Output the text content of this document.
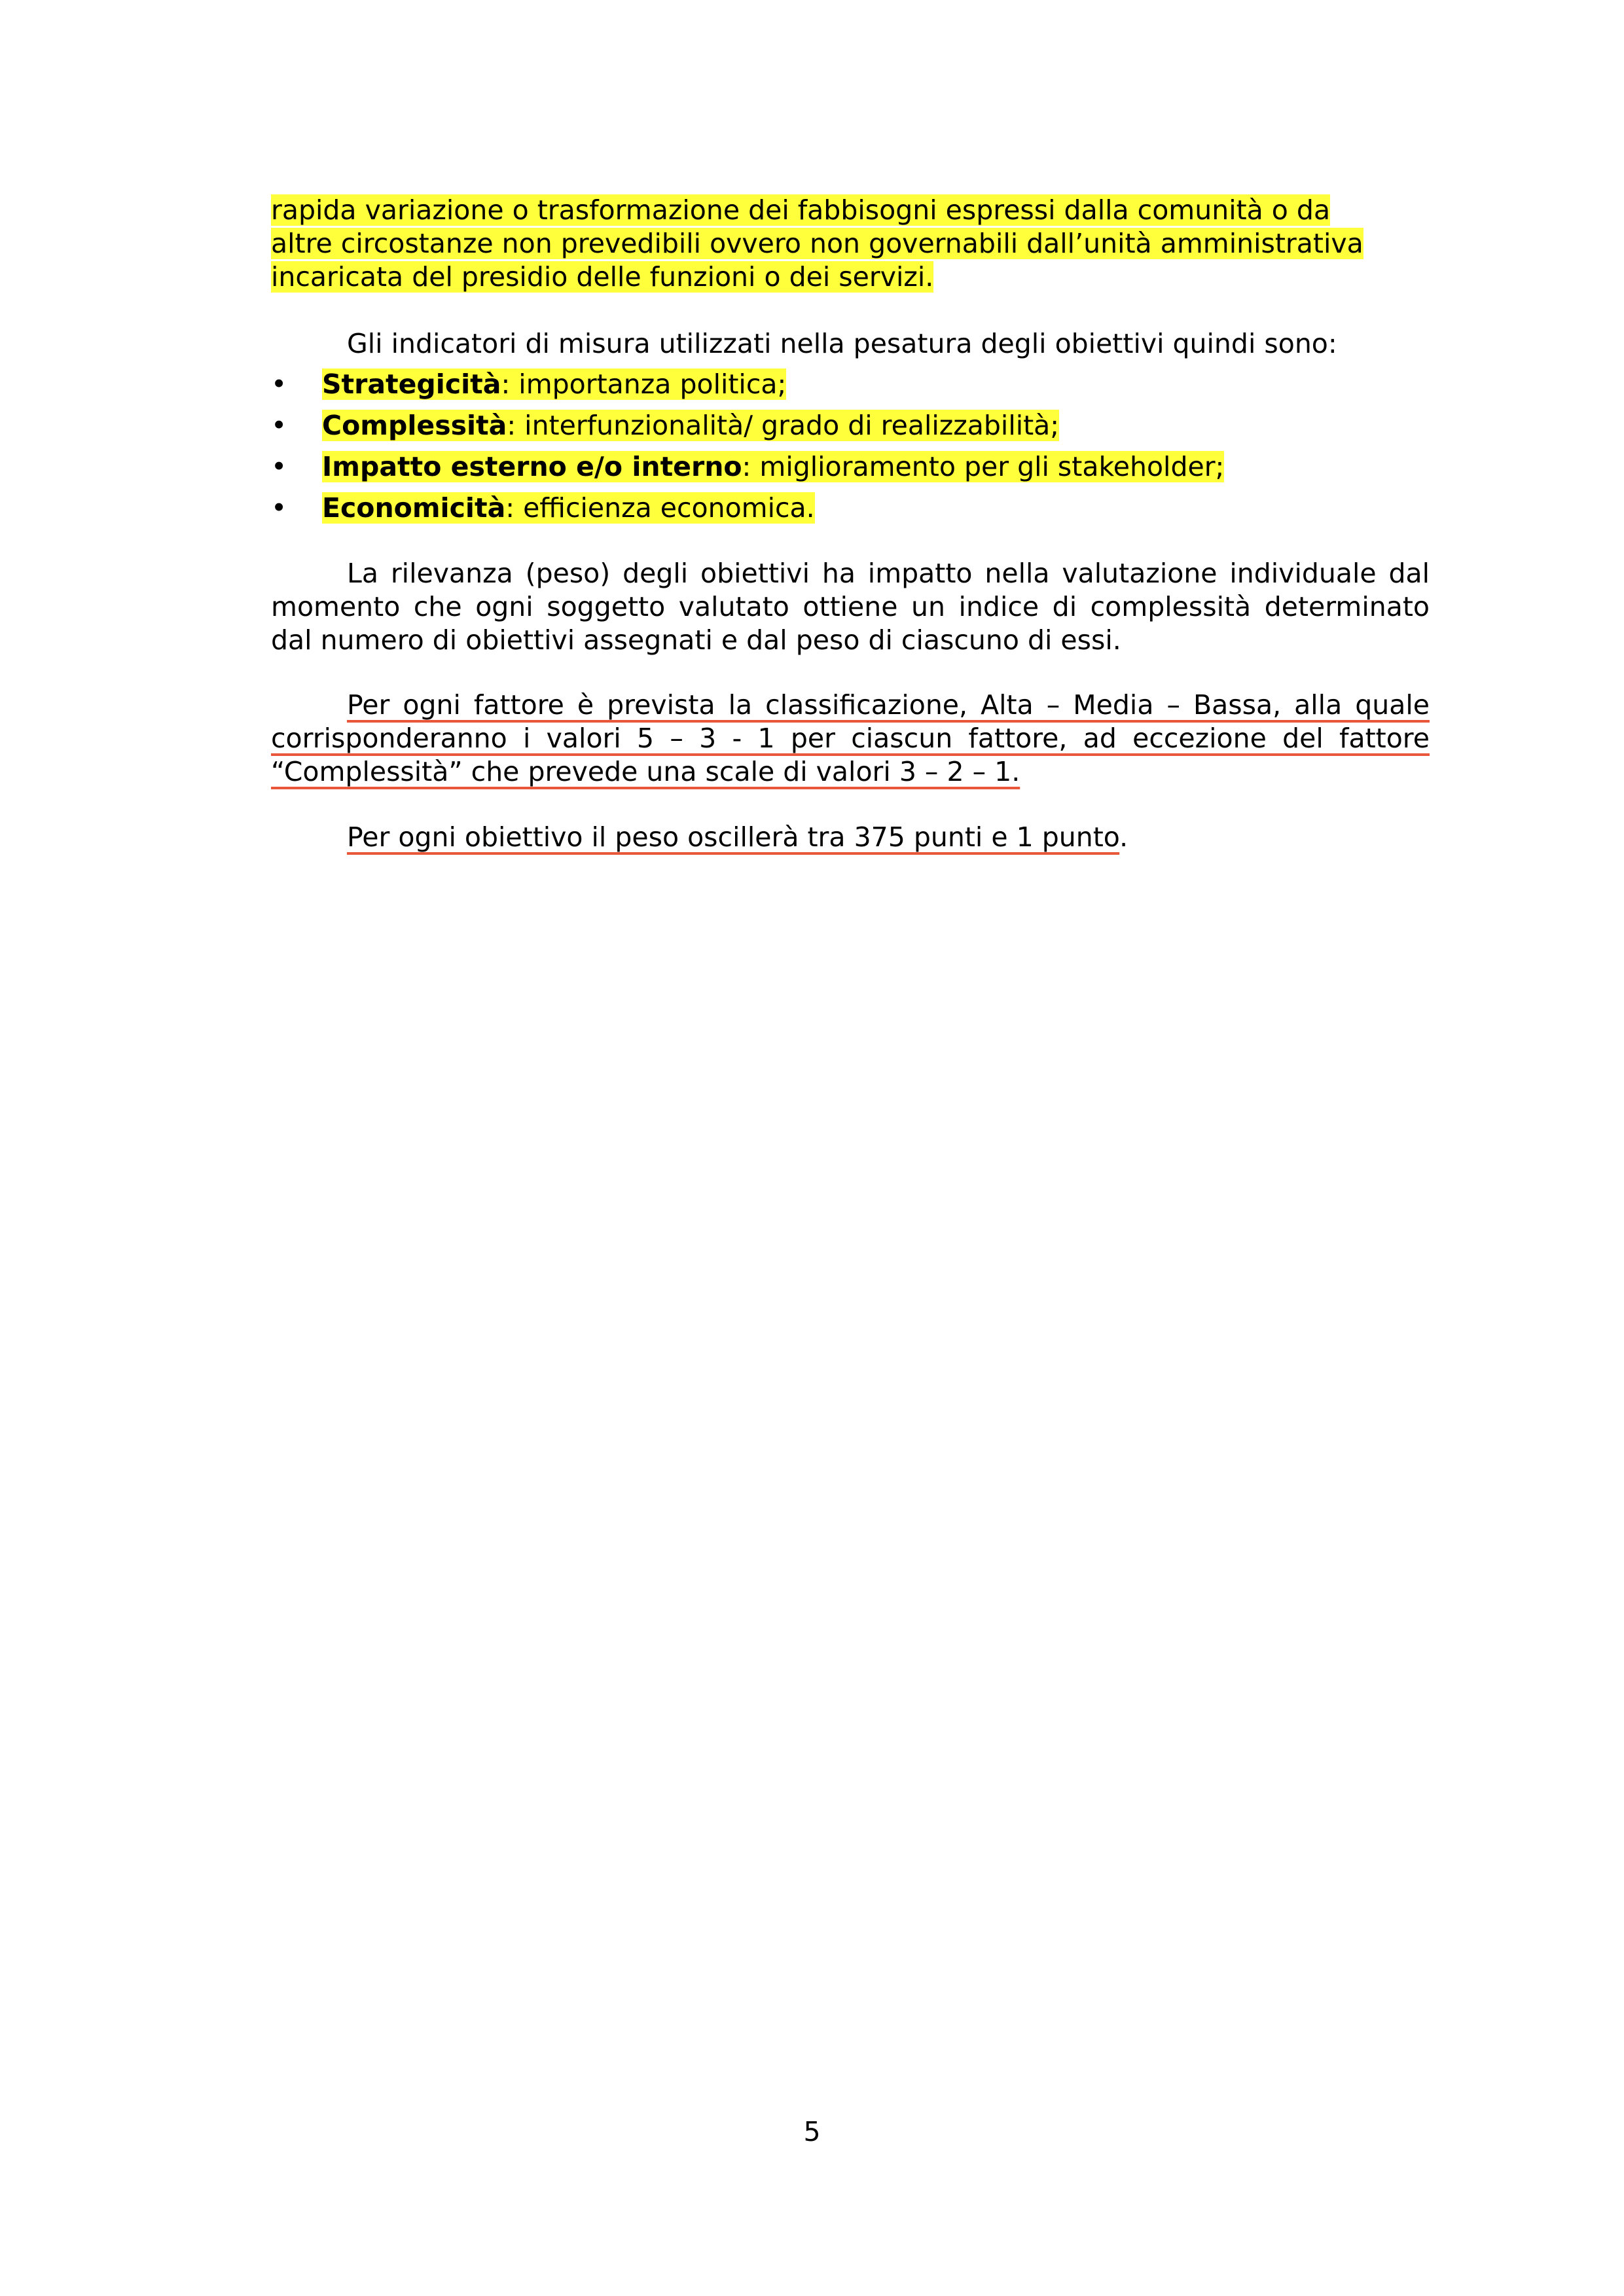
rapida variazione o trasformazione dei fabbisogni espressi dalla comunità o da
altre circostanze non prevedibili ovvero non governabili dall’unità amministrativa
incaricata del presidio delle funzioni o dei servizi.
Gli indicatori di misura utilizzati nella pesatura degli obiettivi quindi sono:
• Strategicità: importanza politica;
• Complessità: interfunzionalità/ grado di realizzabilità;
• Impatto esterno e/o interno: miglioramento per gli stakeholder;
• Economicità: efficienza economica.
La rilevanza (peso) degli obiettivi ha impatto nella valutazione individuale dal momento che ogni soggetto valutato ottiene un indice di complessità determinato dal numero di obiettivi assegnati e dal peso di ciascuno di essi.
Per ogni fattore è prevista la classificazione, Alta – Media – Bassa, alla quale corrisponderanno i valori 5 – 3 - 1 per ciascun fattore, ad eccezione del fattore “Complessità” che prevede una scale di valori 3 – 2 – 1.
Per ogni obiettivo il peso oscillerà tra 375 punti e 1 punto.
5
